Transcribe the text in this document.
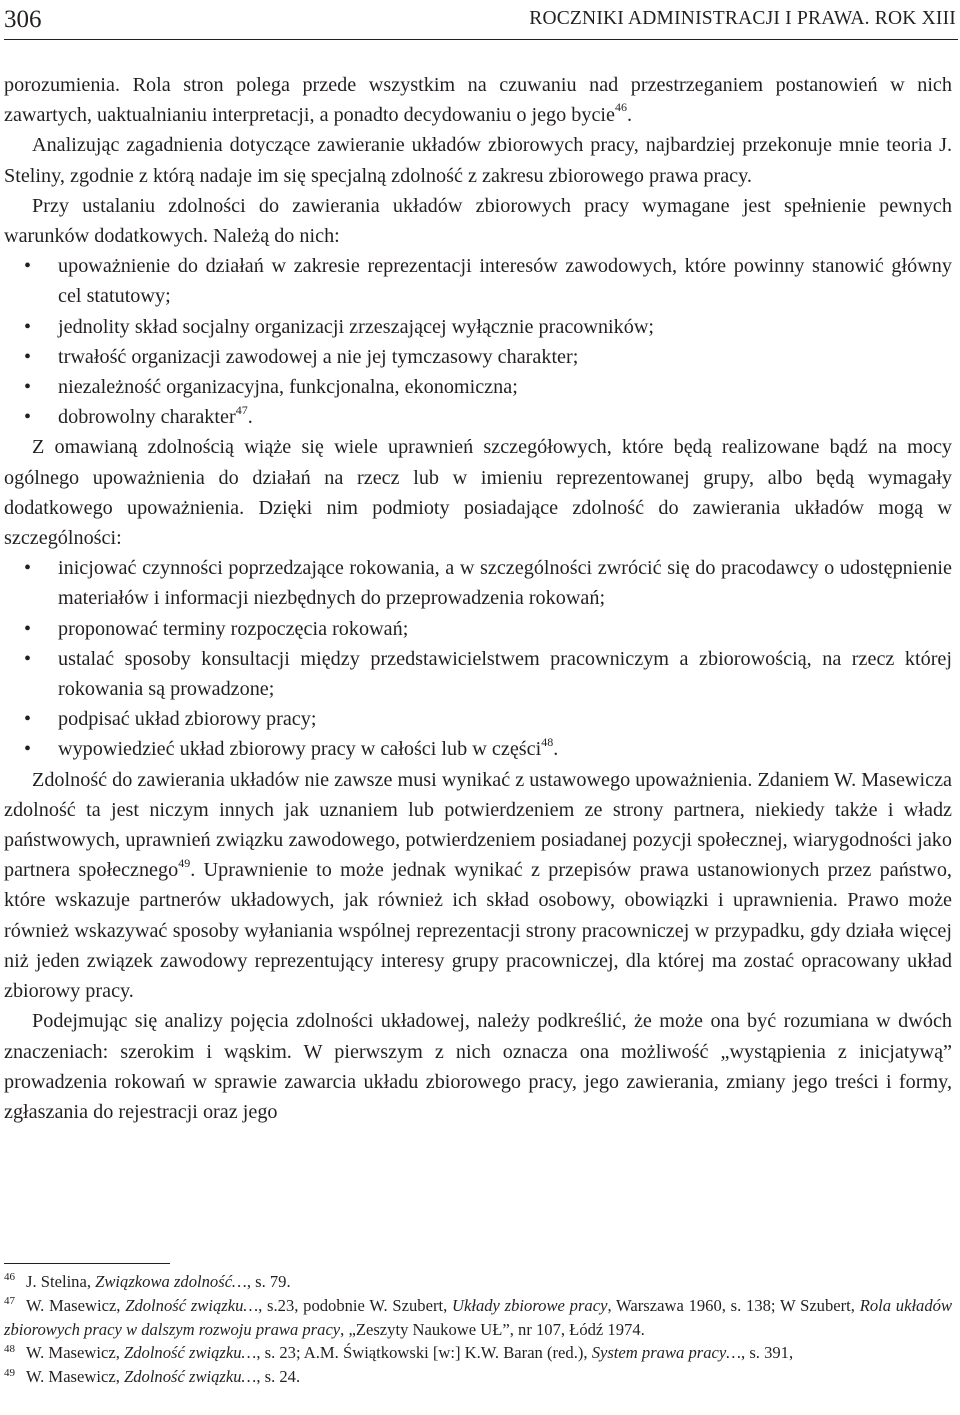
306	ROCZNIKI ADMINISTRACJI I PRAWA. ROK XIII

porozumienia. Rola stron polega przede wszystkim na czuwaniu nad przestrzeganiem postanowień w nich zawartych, uaktualnianiu interpretacji, a ponadto decydowaniu o jego bycie$^{46}$.

Analizując zagadnienia dotyczące zawieranie układów zbiorowych pracy, najbardziej przekonuje mnie teoria J. Steliny, zgodnie z którą nadaje im się specjalną zdolność z zakresu zbiorowego prawa pracy.

Przy ustalaniu zdolności do zawierania układów zbiorowych pracy wymagane jest spełnienie pewnych warunków dodatkowych. Należą do nich:

• upoważnienie do działań w zakresie reprezentacji interesów zawodowych, które powinny stanowić główny cel statutowy;
• jednolity skład socjalny organizacji zrzeszającej wyłącznie pracowników;
• trwałość organizacji zawodowej a nie jej tymczasowy charakter;
• niezależność organizacyjna, funkcjonalna, ekonomiczna;
• dobrowolny charakter$^{47}$.

Z omawianą zdolnością wiąże się wiele uprawnień szczegółowych, które będą realizowane bądź na mocy ogólnego upoważnienia do działań na rzecz lub w imieniu reprezentowanej grupy, albo będą wymagały dodatkowego upoważnienia. Dzięki nim podmioty posiadające zdolność do zawierania układów mogą w szczególności:

• inicjować czynności poprzedzające rokowania, a w szczególności zwrócić się do pracodawcy o udostępnienie materiałów i informacji niezbędnych do przeprowadzenia rokowań;
• proponować terminy rozpoczęcia rokowań;
• ustalać sposoby konsultacji między przedstawicielstwem pracowniczym a zbiorowością, na rzecz której rokowania są prowadzone;
• podpisać układ zbiorowy pracy;
• wypowiedzieć układ zbiorowy pracy w całości lub w części$^{48}$.

Zdolność do zawierania układów nie zawsze musi wynikać z ustawowego upoważnienia. Zdaniem W. Masewicza zdolność ta jest niczym innych jak uznaniem lub potwierdzeniem ze strony partnera, niekiedy także i władz państwowych, uprawnień związku zawodowego, potwierdzeniem posiadanej pozycji społecznej, wiarygodności jako partnera społecznego$^{49}$. Uprawnienie to może jednak wynikać z przepisów prawa ustanowionych przez państwo, które wskazuje partnerów układowych, jak również ich skład osobowy, obowiązki i uprawnienia. Prawo może również wskazywać sposoby wyłaniania wspólnej reprezentacji strony pracowniczej w przypadku, gdy działa więcej niż jeden związek zawodowy reprezentujący interesy grupy pracowniczej, dla której ma zostać opracowany układ zbiorowy pracy.

Podejmując się analizy pojęcia zdolności układowej, należy podkreślić, że może ona być rozumiana w dwóch znaczeniach: szerokim i wąskim. W pierwszym z nich oznacza ona możliwość „wystąpienia z inicjatywą” prowadzenia rokowań w sprawie zawarcia układu zbiorowego pracy, jego zawierania, zmiany jego treści i formy, zgłaszania do rejestracji oraz jego

46 J. Stelina, Związkowa zdolność…, s. 79.

47 W. Masewicz, Zdolność związku…, s.23, podobnie W. Szubert, Układy zbiorowe pracy, Warszawa 1960, s. 138; W Szubert, Rola układów zbiorowych pracy w dalszym rozwoju prawa pracy, „Zeszyty Naukowe UŁ”, nr 107, Łódź 1974.

48 W. Masewicz, Zdolność związku…, s. 23; A.M. Świątkowski [w:] K.W. Baran (red.), System prawa pracy…, s. 391,

49 W. Masewicz, Zdolność związku…, s. 24.
